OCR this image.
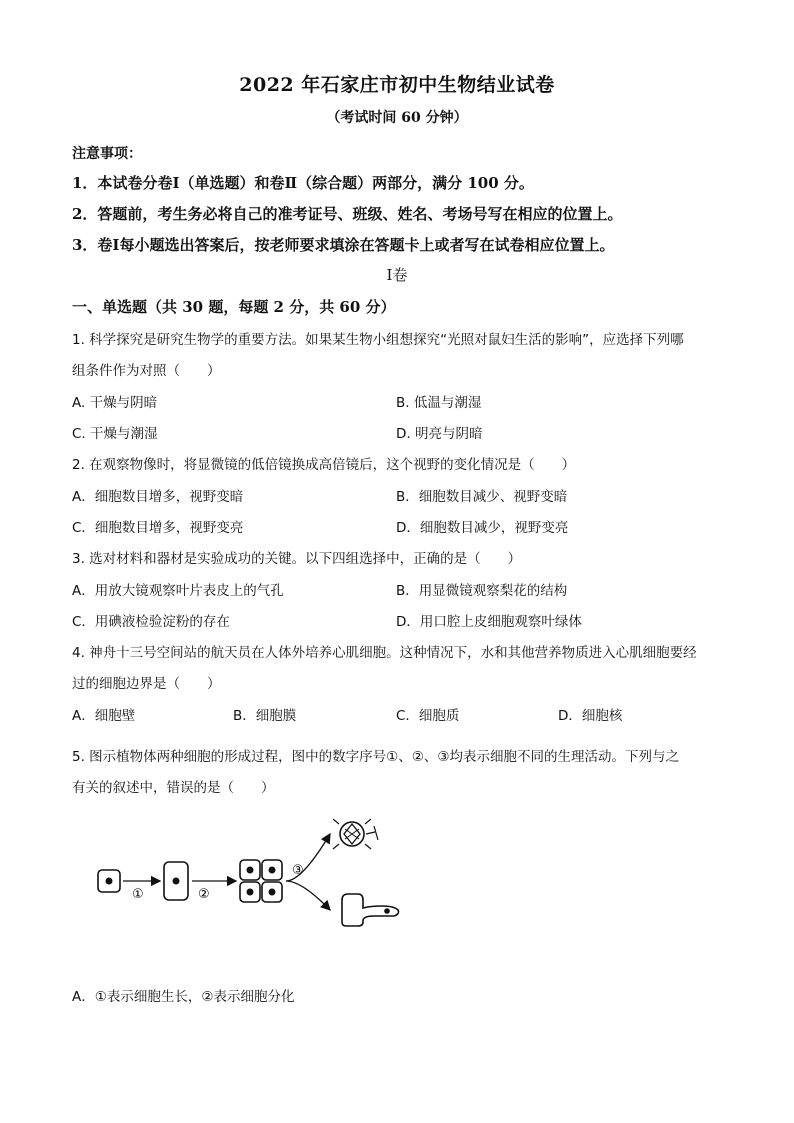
2022 年石家庄市初中生物结业试卷
（考试时间 60 分钟）
注意事项：
1．本试卷分卷Ⅰ（单选题）和卷Ⅱ（综合题）两部分，满分 100 分。
2．答题前，考生务必将自己的准考证号、班级、姓名、考场号写在相应的位置上。
3．卷Ⅰ每小题选出答案后，按老师要求填涂在答题卡上或者写在试卷相应位置上。
Ⅰ卷
一、单选题（共 30 题，每题 2 分，共 60 分）
1. 科学探究是研究生物学的重要方法。如果某生物小组想探究“光照对鼠妇生活的影响”，应选择下列哪
组条件作为对照（　　）
A. 干燥与阴暗	B. 低温与潮湿
C. 干燥与潮湿	D. 明亮与阴暗
2. 在观察物像时，将显微镜的低倍镜换成高倍镜后，这个视野的变化情况是（　　）
A．细胞数目增多，视野变暗	B．细胞数目减少、视野变暗
C．细胞数目增多，视野变亮	D．细胞数目减少，视野变亮
3. 选对材料和器材是实验成功的关键。以下四组选择中，正确的是（　　）
A．用放大镜观察叶片表皮上的气孔	B．用显微镜观察梨花的结构
C．用碘液检验淀粉的存在	D．用口腔上皮细胞观察叶绿体
4. 神舟十三号空间站的航天员在人体外培养心肌细胞。这种情况下，水和其他营养物质进入心肌细胞要经
过的细胞边界是（　　）
A．细胞壁	B．细胞膜	C．细胞质	D．细胞核
5. 图示植物体两种细胞的形成过程，图中的数字序号①、②、③均表示细胞不同的生理活动。下列与之
有关的叙述中，错误的是（　　）
①	②
③
A．①表示细胞生长，②表示细胞分化
